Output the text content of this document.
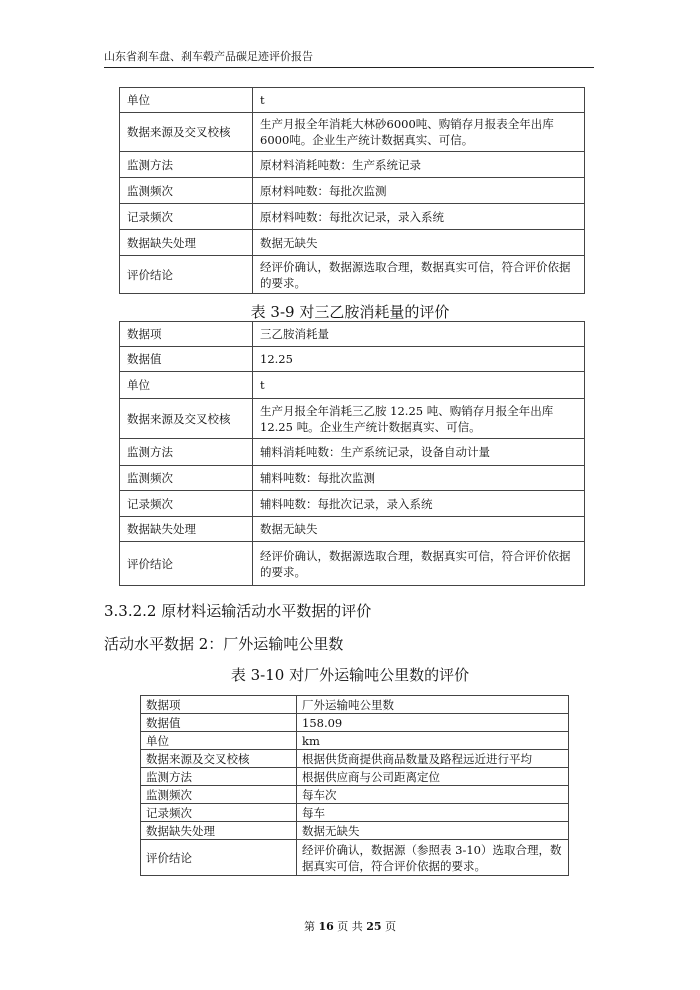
山东省刹车盘、刹车毂产品碳足迹评价报告
单位	t
数据来源及交叉校核	生产月报全年消耗大林砂6000吨、购销存月报表全年出库6000吨。企业生产统计数据真实、可信。
监测方法	原材料消耗吨数：生产系统记录
监测频次	原材料吨数：每批次监测
记录频次	原材料吨数：每批次记录，录入系统
数据缺失处理	数据无缺失
评价结论	经评价确认，数据源选取合理，数据真实可信，符合评价依据的要求。
表 3-9 对三乙胺消耗量的评价
数据项	三乙胺消耗量
数据值	12.25
单位	t
数据来源及交叉校核	生产月报全年消耗三乙胺 12.25 吨、购销存月报全年出库 12.25 吨。企业生产统计数据真实、可信。
监测方法	辅料消耗吨数：生产系统记录，设备自动计量
监测频次	辅料吨数：每批次监测
记录频次	辅料吨数：每批次记录，录入系统
数据缺失处理	数据无缺失
评价结论	经评价确认，数据源选取合理，数据真实可信，符合评价依据的要求。
3.3.2.2 原材料运输活动水平数据的评价
活动水平数据 2：厂外运输吨公里数
表 3-10 对厂外运输吨公里数的评价
数据项	厂外运输吨公里数
数据值	158.09
单位	km
数据来源及交叉校核	根据供货商提供商品数量及路程远近进行平均
监测方法	根据供应商与公司距离定位
监测频次	每车次
记录频次	每车
数据缺失处理	数据无缺失
评价结论	经评价确认，数据源（参照表 3-10）选取合理，数据真实可信，符合评价依据的要求。
第 16 页 共 25 页
